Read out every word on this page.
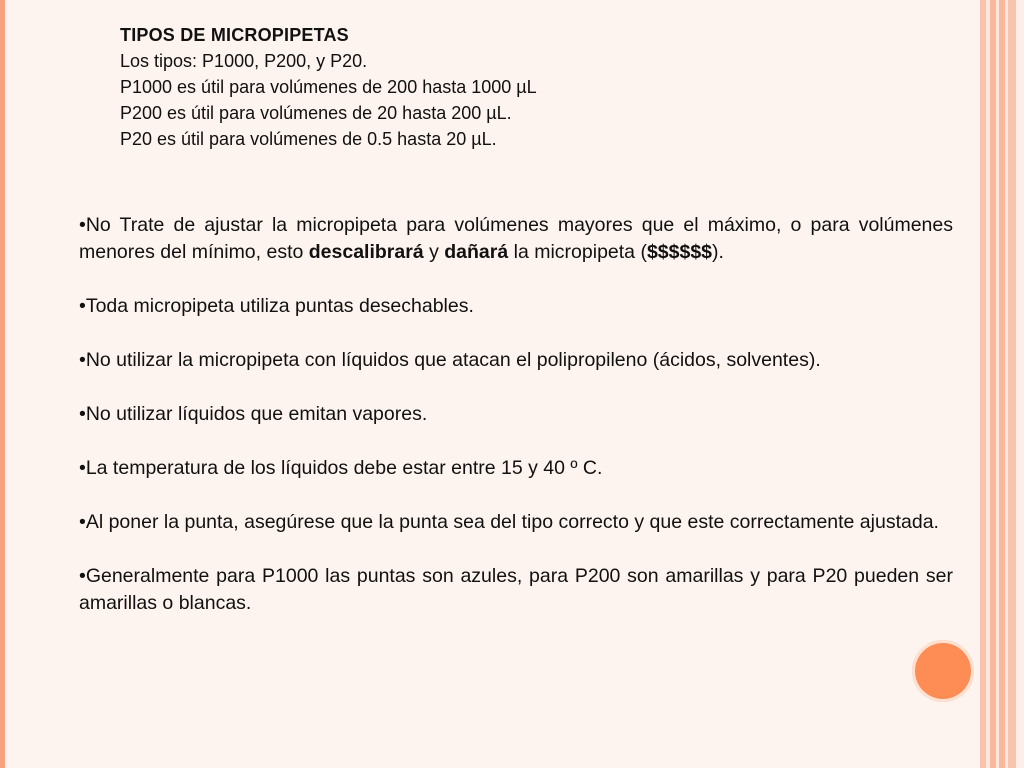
TIPOS DE MICROPIPETAS
Los tipos: P1000, P200, y P20.
P1000 es útil para volúmenes de 200 hasta 1000 µL
P200 es útil para volúmenes de 20 hasta 200 µL.
P20 es útil para volúmenes de 0.5 hasta 20 µL.

•No Trate de ajustar la micropipeta para volúmenes mayores que el máximo, o para volúmenes menores del mínimo, esto descalibrará y dañará la micropipeta ($$$$$$).

•Toda micropipeta utiliza puntas desechables.

•No utilizar la micropipeta con líquidos que atacan el polipropileno (ácidos, solventes).

•No utilizar líquidos que emitan vapores.

•La temperatura de los líquidos debe estar entre 15 y 40 º C.

•Al poner la punta, asegúrese que la punta sea del tipo correcto y que este correctamente ajustada.

•Generalmente para P1000 las puntas son azules, para P200 son amarillas y para P20 pueden ser amarillas o blancas.
